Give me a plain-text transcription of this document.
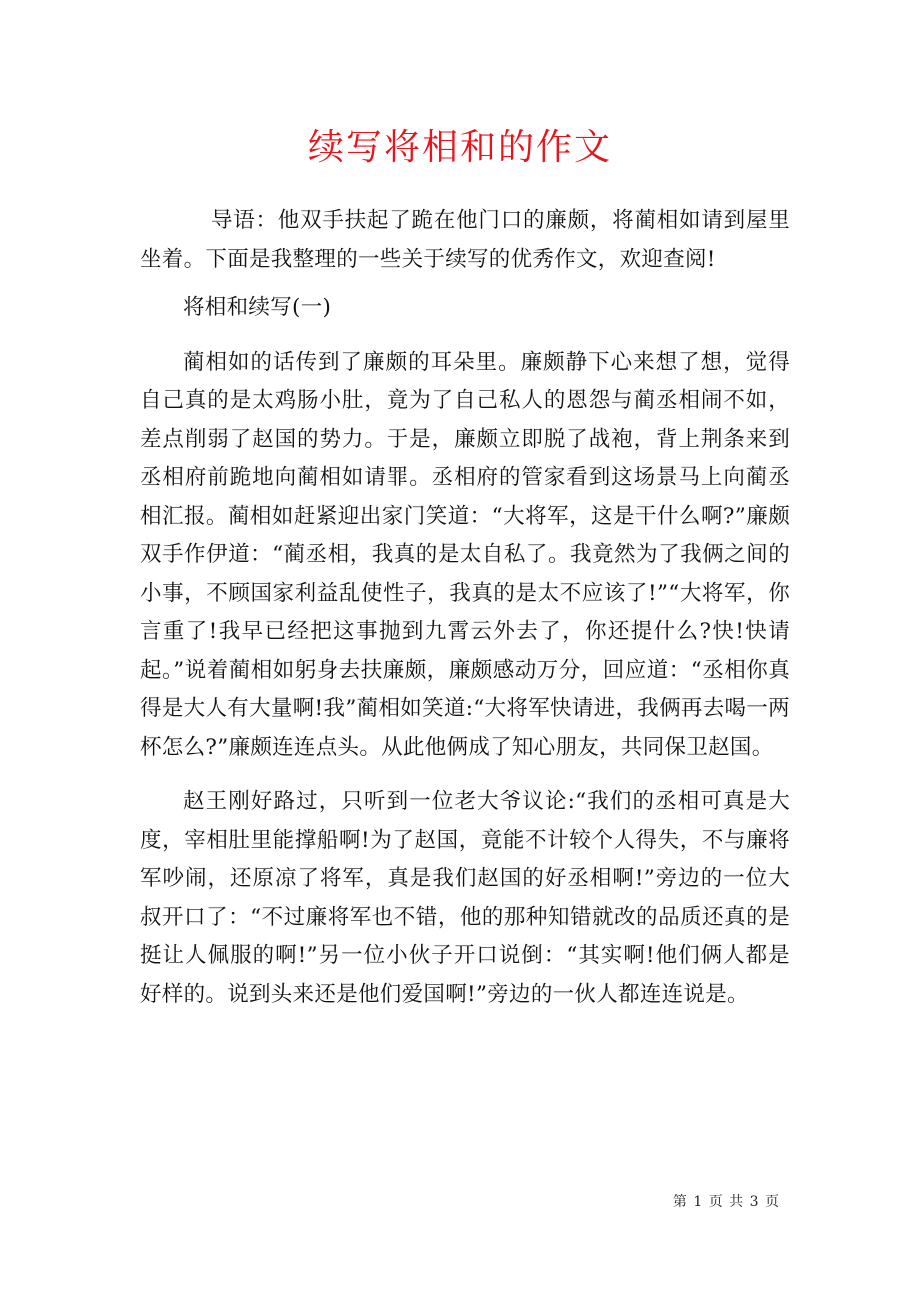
续写将相和的作文

导语：他双手扶起了跪在他门口的廉颇，将蔺相如请到屋里坐着。下面是我整理的一些关于续写的优秀作文，欢迎查阅!

将相和续写(一)

蔺相如的话传到了廉颇的耳朵里。廉颇静下心来想了想，觉得自己真的是太鸡肠小肚，竟为了自己私人的恩怨与蔺丞相闹不如，差点削弱了赵国的势力。于是，廉颇立即脱了战袍，背上荆条来到丞相府前跪地向蔺相如请罪。丞相府的管家看到这场景马上向蔺丞相汇报。蔺相如赶紧迎出家门笑道：“大将军，这是干什么啊?”廉颇双手作伊道：“蔺丞相，我真的是太自私了。我竟然为了我俩之间的小事，不顾国家利益乱使性子，我真的是太不应该了!”“大将军，你言重了!我早已经把这事抛到九霄云外去了，你还提什么?快!快请起。”说着蔺相如躬身去扶廉颇，廉颇感动万分，回应道：“丞相你真得是大人有大量啊!我”蔺相如笑道:“大将军快请进，我俩再去喝一两杯怎么?”廉颇连连点头。从此他俩成了知心朋友，共同保卫赵国。

赵王刚好路过，只听到一位老大爷议论:“我们的丞相可真是大度，宰相肚里能撑船啊!为了赵国，竟能不计较个人得失，不与廉将军吵闹，还原凉了将军，真是我们赵国的好丞相啊!”旁边的一位大叔开口了：“不过廉将军也不错，他的那种知错就改的品质还真的是挺让人佩服的啊!”另一位小伙子开口说倒：“其实啊!他们俩人都是好样的。说到头来还是他们爱国啊!”旁边的一伙人都连连说是。

第 1 页 共 3 页
